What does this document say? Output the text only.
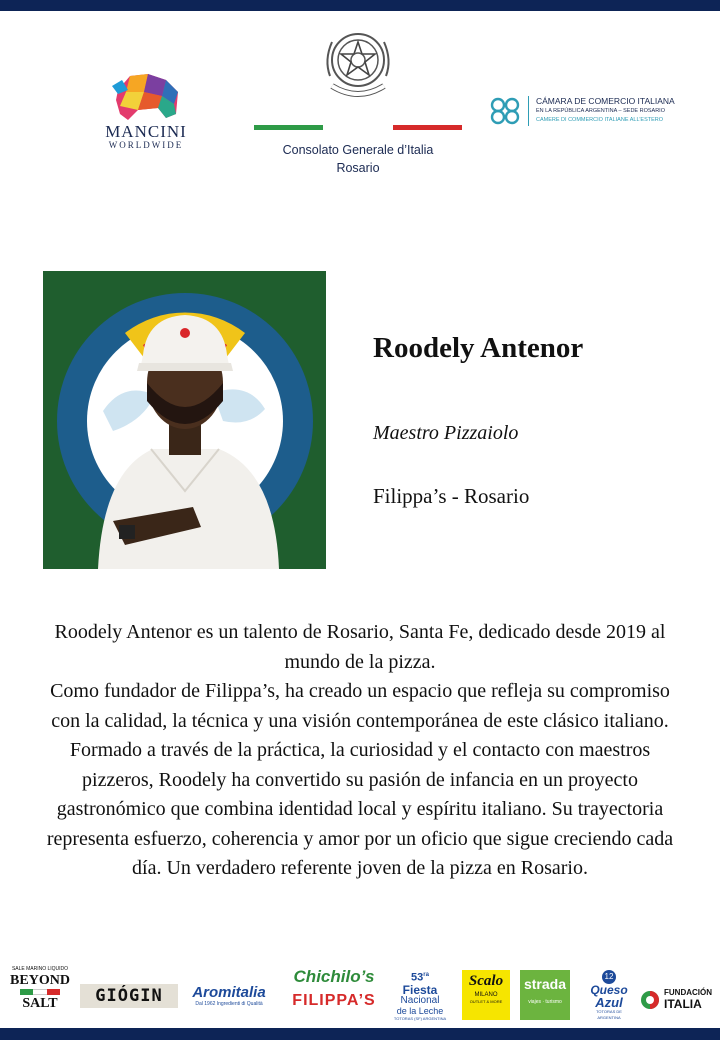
MANCINI
WORLDWIDE	Consolato Generale d’Italia
Rosario
CÁMARA DE COMERCIO ITALIANA
EN LA REPÚBLICA ARGENTINA – SEDE ROSARIO
CAMERE DI COMMERCIO ITALIANE ALL’ESTERO
Roodely Antenor
Maestro Pizzaiolo
Filippa’s - Rosario

Roodely Antenor es un talento de Rosario, Santa Fe, dedicado desde 2019 al mundo de la pizza.

Como fundador de Filippa’s, ha creado un espacio que refleja su compromiso con la calidad, la técnica y una visión contemporánea de este clásico italiano.

Formado a través de la práctica, la curiosidad y el contacto con maestros pizzeros, Roodely ha convertido su pasión de infancia en un proyecto gastronómico que combina identidad local y espíritu italiano. Su trayectoria representa esfuerzo, coherencia y amor por un oficio que sigue creciendo cada día. Un verdadero referente joven de la pizza en Rosario.

SALE MARINO LIQUIDO
BEYOND
SALT	GIÓGIN	Aromitalia
Dal 1962 Ingredienti di Qualità
Chichilo’s
FILIPPA’S
$53^{ra}$
Fiesta
Nacional
de la Leche
TOTORAS (SF) ARGENTINA
Scalo
MILANO
OUTLET & MORE
strada
viajes · turismo
12
Queso
Azul
TOTORAS DE ARGENTINA
FUNDACIÓN
ITALIA
